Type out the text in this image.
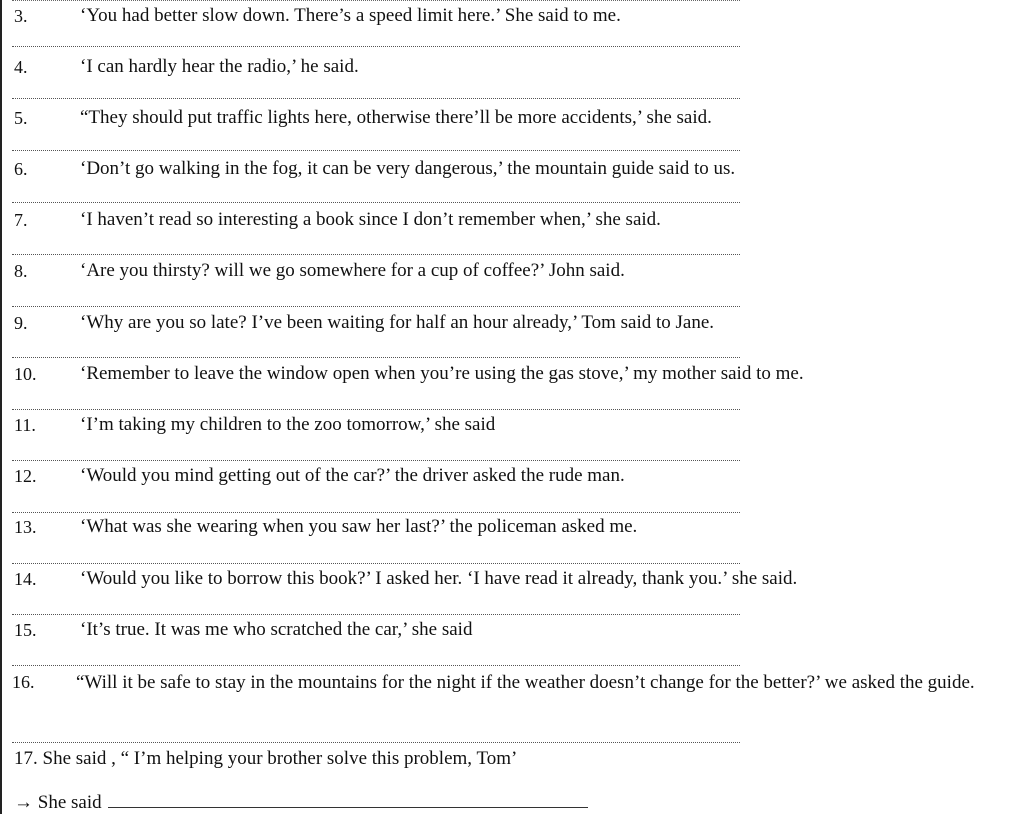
3.	‘You had better slow down. There’s a speed limit here.’ She said to me.
4.	‘I can hardly hear the radio,’ he said.
5.	“They should put traffic lights here, otherwise there’ll be more accidents,’ she said.
6.	‘Don’t go walking in the fog, it can be very dangerous,’ the mountain guide said to us.
7.	‘I haven’t read so interesting a book since I don’t remember when,’ she said.
8.	‘Are you thirsty? will we go somewhere for a cup of coffee?’ John said.
9.	‘Why are you so late? I’ve been waiting for half an hour already,’ Tom said to Jane.
10. ‘Remember to leave the window open when you’re using the gas stove,’ my mother said to me.
11. ‘I’m taking my children to the zoo tomorrow,’ she said
12. ‘Would you mind getting out of the car?’ the driver asked the rude man.
13. ‘What was she wearing when you saw her last?’ the policeman asked me.
14. ‘Would you like to borrow this book?’ I asked her. ‘I have read it already, thank you.’ she said.
15. ‘It’s true. It was me who scratched the car,’ she said
16. “Will it be safe to stay in the mountains for the night if the weather doesn’t change for the better?’ we asked the guide.
17. She said , “ I’m helping your brother solve this problem, Tom’
→ She said
